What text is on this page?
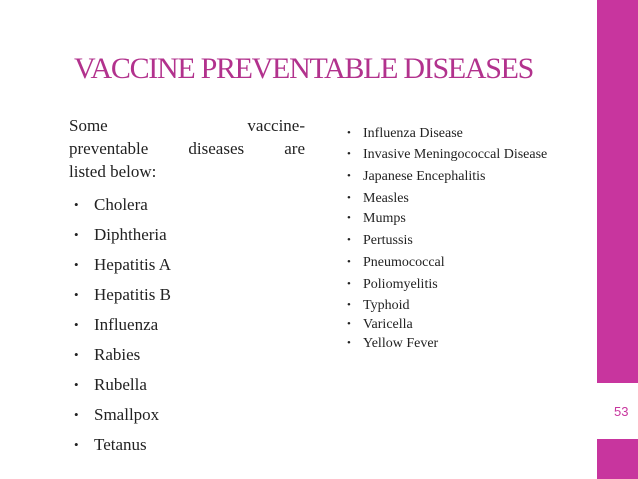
53
VACCINE PREVENTABLE DISEASES
Some vaccine-
preventable diseases are
listed below:
• Cholera
• Diphtheria
• Hepatitis A
• Hepatitis B
• Influenza
• Rabies
• Rubella
• Smallpox
• Tetanus
• Influenza Disease
• Invasive Meningococcal Disease
• Japanese Encephalitis
• Measles
• Mumps
• Pertussis
• Pneumococcal
• Poliomyelitis
• Typhoid
• Varicella
• Yellow Fever
